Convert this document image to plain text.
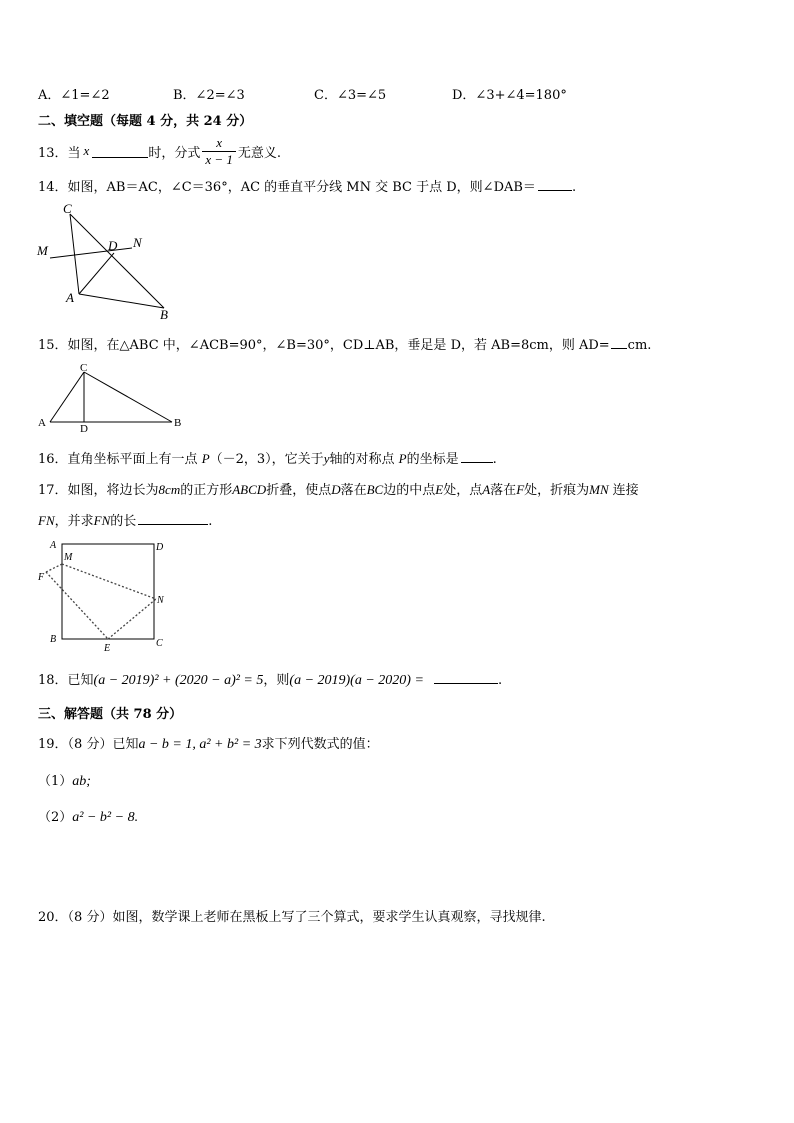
A．∠1=∠2	B．∠2=∠3	C．∠3=∠5	D．∠3+∠4=180°
二、填空题（每题 4 分，共 24 分）
13．当 x	时，分式 $\frac{x}{x - 1}$ 无意义.
14．如图，AB＝AC，∠C＝36°，AC 的垂直平分线 MN 交 BC 于点 D，则∠DAB＝	.
C
M	D N
A
B
15．如图，在△ABC 中，∠ACB=90°，∠B=30°，CD⊥AB，垂足是 D，若 AB=8cm，则 AD= cm.
C
A	D	B
16．直角坐标平面上有一点 P（－2，3），它关于y轴的对称点 P的坐标是	.
17．如图，将边长为8cm的正方形ABCD折叠，使点D落在BC边的中点E处，点A落在F处，折痕为MN 连接
FN，并求FN的长	.
A
M
D
F
N
B
E	C
18．已知(a − 2019)² + (2020 − a)² = 5，则(a − 2019)(a − 2020) =	.
三、解答题（共 78 分）
19．（8 分）已知a − b = 1, a² + b² = 3求下列代数式的值：
（1）ab;
（2）a² − b² − 8.
20．（8 分）如图，数学课上老师在黑板上写了三个算式，要求学生认真观察，寻找规律.
